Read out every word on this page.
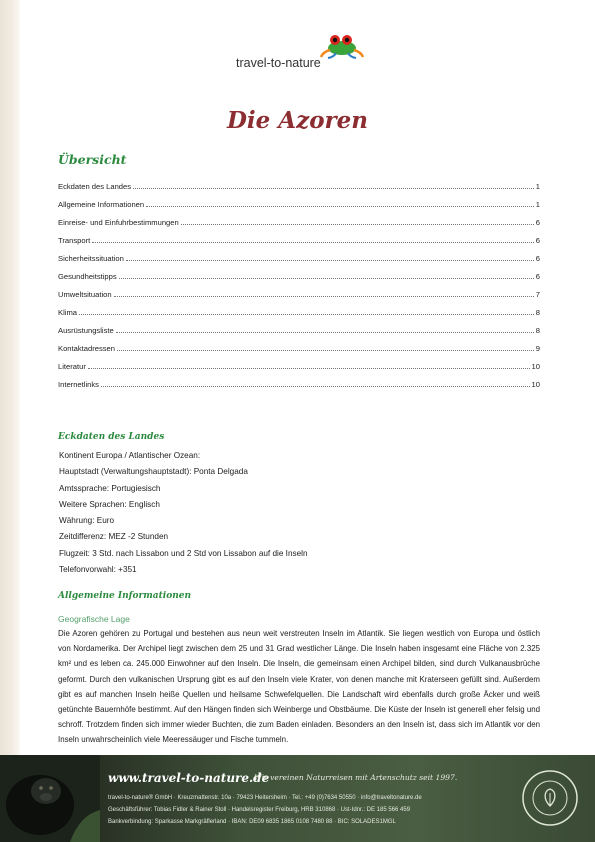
travel-to-nature
Die Azoren
Übersicht
Eckdaten des Landes	1
Allgemeine Informationen	1
Einreise- und Einfuhrbestimmungen	6
Transport	6
Sicherheitssituation	6
Gesundheitstipps	6
Umweltsituation	7
Klima	8
Ausrüstungsliste	8
Kontaktadressen	9
Literatur	10
Internetlinks	10
Eckdaten des Landes
Kontinent Europa / Atlantischer Ozean:
Hauptstadt (Verwaltungshauptstadt): Ponta Delgada
Amtssprache: Portugiesisch
Weitere Sprachen: Englisch
Währung: Euro
Zeitdifferenz: MEZ -2 Stunden
Flugzeit: 3 Std. nach Lissabon und 2 Std von Lissabon auf die Inseln
Telefonvorwahl: +351
Allgemeine Informationen
Geografische Lage
Die Azoren gehören zu Portugal und bestehen aus neun weit verstreuten Inseln im Atlantik. Sie liegen westlich von Europa und östlich von Nordamerika. Der Archipel liegt zwischen dem 25 und 31 Grad westlicher Länge. Die Inseln haben insgesamt eine Fläche von 2.325 km² und es leben ca. 245.000 Einwohner auf den Inseln. Die Inseln, die gemeinsam einen Archipel bilden, sind durch Vulkanausbrüche geformt. Durch den vulkanischen Ursprung gibt es auf den Inseln viele Krater, von denen manche mit Kraterseen gefüllt sind. Außerdem gibt es auf manchen Inseln heiße Quellen und heilsame Schwefelquellen. Die Landschaft wird ebenfalls durch große Äcker und weiß getünchte Bauernhöfe bestimmt. Auf den Hängen finden sich Weinberge und Obstbäume. Die Küste der Inseln ist generell eher felsig und schroff. Trotzdem finden sich immer wieder Buchten, die zum Baden einladen. Besonders an den Inseln ist, dass sich im Atlantik vor den Inseln unwahrscheinlich viele Meeressäuger und Fische tummeln.
www.travel-to-nature.de
Wir vereinen Naturreisen mit Artenschutz seit 1997.
travel-to-nature® GmbH · Kreuzmattenstr. 10a · 79423 Heitersheim · Tel.: +49 (0)7634 50550 · info@traveltonature.de
Geschäftsführer: Tobias Fidler & Rainer Stoll · Handelsregister Freiburg, HRB 310868 · Ust-Idnr.: DE 185 566 459
Bankverbindung: Sparkasse Markgräflerland · IBAN: DE09 6835 1865 0108 7480 88 · BIC: SOLADES1MGL
